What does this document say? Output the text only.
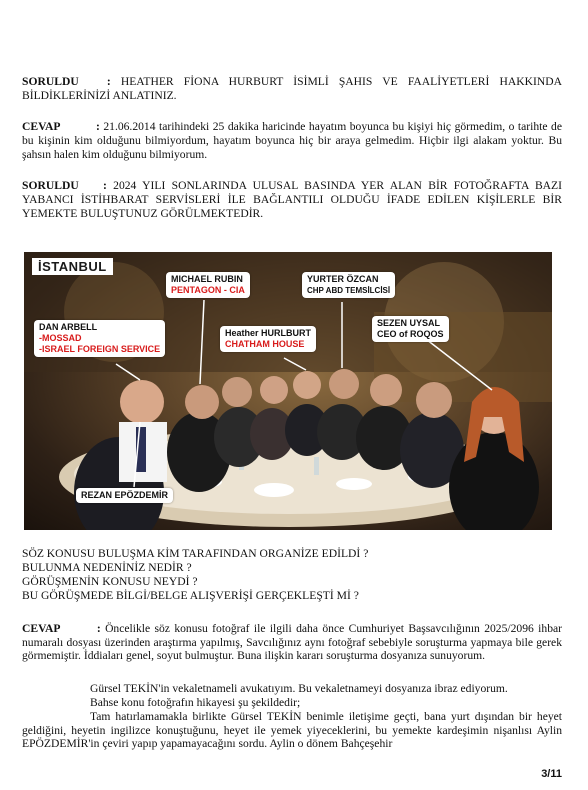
SORULDU : HEATHER FİONA HURBURT İSİMLİ ŞAHIS VE FAALİYETLERİ HAKKINDA BİLDİKLERİNİZİ ANLATINIZ.
CEVAP	: 21.06.2014 tarihindeki 25 dakika haricinde hayatım boyunca bu kişiyi hiç görmedim, o tarihte de bu kişinin kim olduğunu bilmiyordum, hayatım boyunca hiç bir araya gelmedim. Hiçbir ilgi alakam yoktur. Bu şahsın halen kim olduğunu bilmiyorum.
SORULDU : 2024 YILI SONLARINDA ULUSAL BASINDA YER ALAN BİR FOTOĞRAFTA BAZI YABANCI İSTİHBARAT SERVİSLERİ İLE BAĞLANTILI OLDUĞU İFADE EDİLEN KİŞİLERLE BİR YEMEKTE BULUŞTUNUZ GÖRÜLMEKTEDİR.
İSTANBUL
MICHAEL RUBIN
PENTAGON - CIA
YURTER ÖZCAN
CHP ABD TEMSİLCİSİ
DAN ARBELL
-MOSSAD
-ISRAEL FOREIGN SERVICE
Heather HURLBURT
CHATHAM HOUSE
SEZEN UYSAL
CEO of ROQOS
REZAN EPÖZDEMİR
SÖZ KONUSU BULUŞMA KİM TARAFINDAN ORGANİZE EDİLDİ ?
BULUNMA NEDENİNİZ NEDİR ?
GÖRÜŞMENİN KONUSU NEYDİ ?
BU GÖRÜŞMEDE BİLGİ/BELGE ALIŞVERİŞİ GERÇEKLEŞTİ Mİ ?
CEVAP	: Öncelikle söz konusu fotoğraf ile ilgili daha önce Cumhuriyet Başsavcılığının 2025/2096 ihbar numaralı dosyası üzerinden araştırma yapılmış, Savcılığınız aynı fotoğraf sebebiyle soruşturma yapmaya bile gerek görmemiştir. İddiaları genel, soyut bulmuştur. Buna ilişkin kararı soruşturma dosyanıza sunuyorum.
Gürsel TEKİN'in vekaletnameli avukatıyım. Bu vekaletnameyi dosyanıza ibraz ediyorum.
Bahse konu fotoğrafın hikayesi şu şekildedir;
Tam hatırlamamakla birlikte Gürsel TEKİN benimle iletişime geçti, bana yurt dışından bir heyet geldiğini, heyetin ingilizce konuştuğunu, heyet ile yemek yiyeceklerini, bu yemekte kardeşimin nişanlısı Aylin EPÖZDEMİR'in çeviri yapıp yapamayacağını sordu. Aylin o dönem Bahçeşehir
3/11
